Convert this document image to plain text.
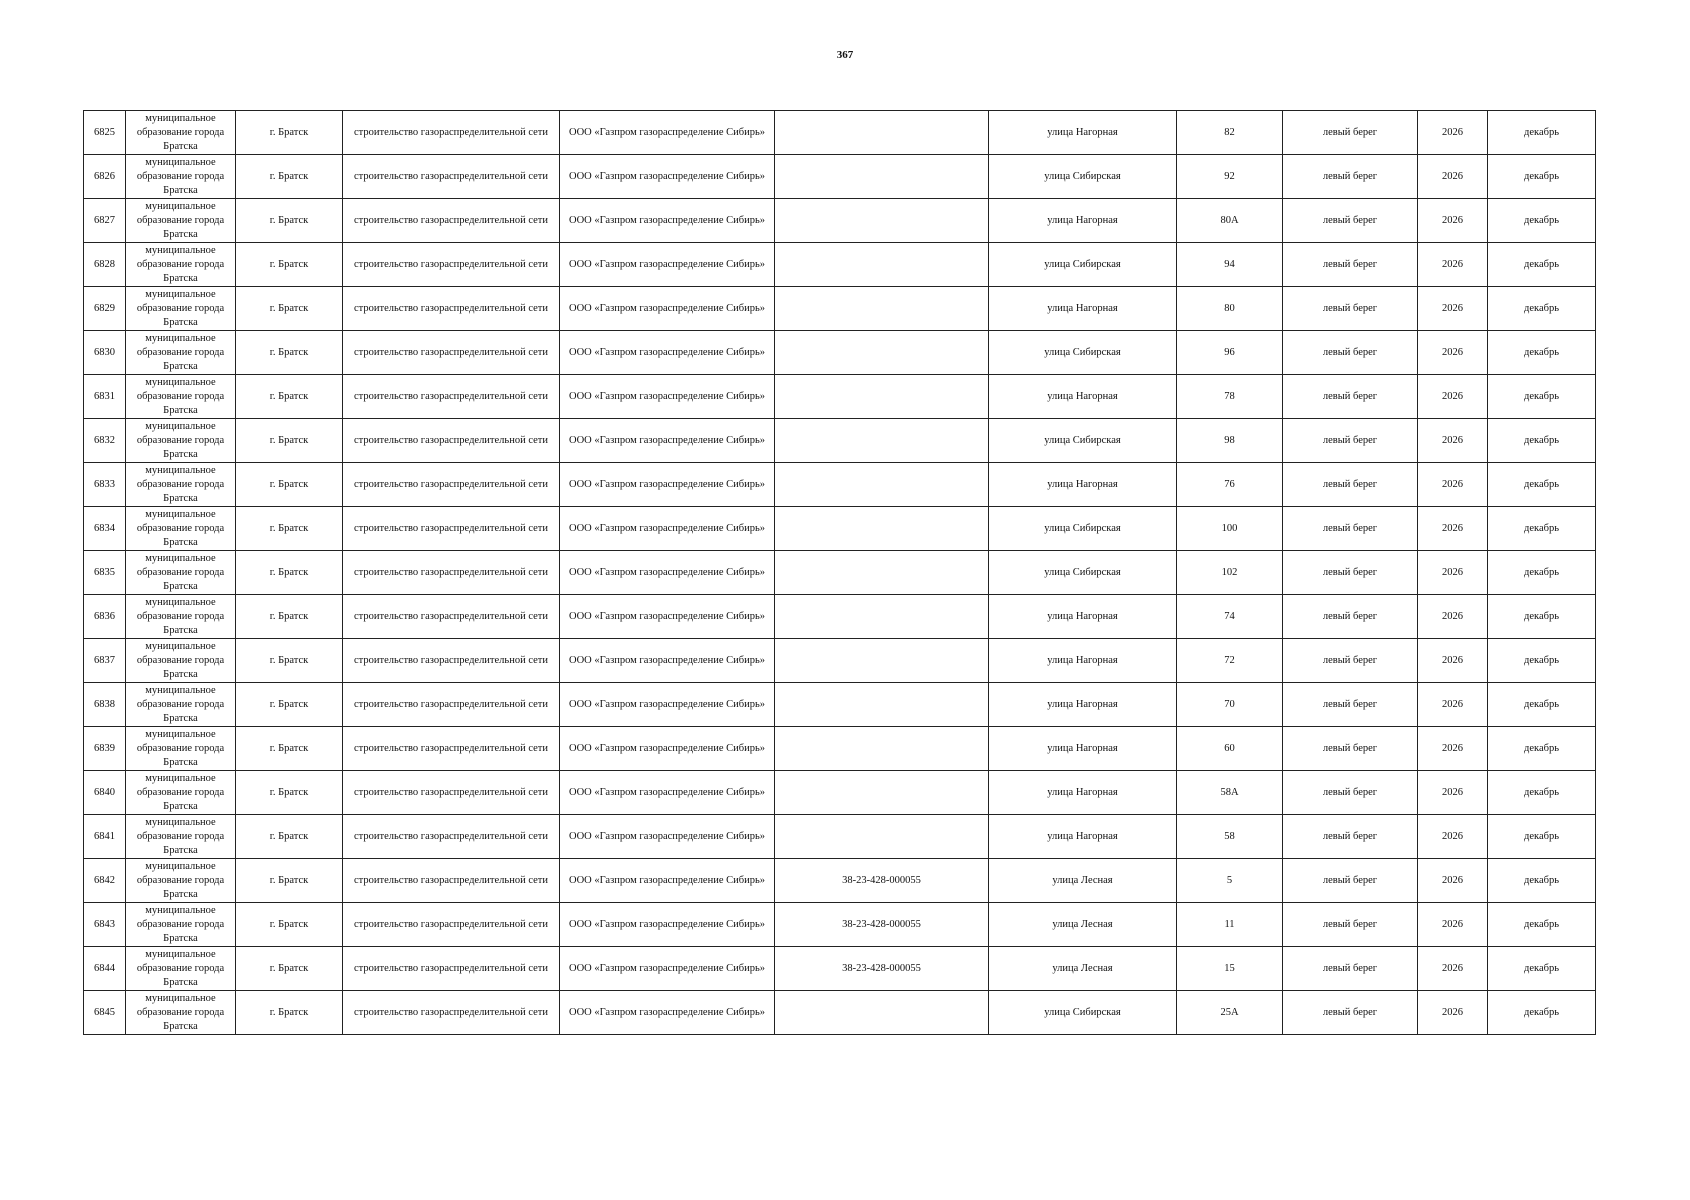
367
6825	муниципальное образование города Братска	г. Братск	строительство газораспределительной сети	ООО «Газпром газораспределение Сибирь»		улица Нагорная	82	левый берег	2026	декабрь
6826	муниципальное образование города Братска	г. Братск	строительство газораспределительной сети	ООО «Газпром газораспределение Сибирь»		улица Сибирская	92	левый берег	2026	декабрь
6827	муниципальное образование города Братска	г. Братск	строительство газораспределительной сети	ООО «Газпром газораспределение Сибирь»		улица Нагорная	80А	левый берег	2026	декабрь
6828	муниципальное образование города Братска	г. Братск	строительство газораспределительной сети	ООО «Газпром газораспределение Сибирь»		улица Сибирская	94	левый берег	2026	декабрь
6829	муниципальное образование города Братска	г. Братск	строительство газораспределительной сети	ООО «Газпром газораспределение Сибирь»		улица Нагорная	80	левый берег	2026	декабрь
6830	муниципальное образование города Братска	г. Братск	строительство газораспределительной сети	ООО «Газпром газораспределение Сибирь»		улица Сибирская	96	левый берег	2026	декабрь
6831	муниципальное образование города Братска	г. Братск	строительство газораспределительной сети	ООО «Газпром газораспределение Сибирь»		улица Нагорная	78	левый берег	2026	декабрь
6832	муниципальное образование города Братска	г. Братск	строительство газораспределительной сети	ООО «Газпром газораспределение Сибирь»		улица Сибирская	98	левый берег	2026	декабрь
6833	муниципальное образование города Братска	г. Братск	строительство газораспределительной сети	ООО «Газпром газораспределение Сибирь»		улица Нагорная	76	левый берег	2026	декабрь
6834	муниципальное образование города Братска	г. Братск	строительство газораспределительной сети	ООО «Газпром газораспределение Сибирь»		улица Сибирская	100	левый берег	2026	декабрь
6835	муниципальное образование города Братска	г. Братск	строительство газораспределительной сети	ООО «Газпром газораспределение Сибирь»		улица Сибирская	102	левый берег	2026	декабрь
6836	муниципальное образование города Братска	г. Братск	строительство газораспределительной сети	ООО «Газпром газораспределение Сибирь»		улица Нагорная	74	левый берег	2026	декабрь
6837	муниципальное образование города Братска	г. Братск	строительство газораспределительной сети	ООО «Газпром газораспределение Сибирь»		улица Нагорная	72	левый берег	2026	декабрь
6838	муниципальное образование города Братска	г. Братск	строительство газораспределительной сети	ООО «Газпром газораспределение Сибирь»		улица Нагорная	70	левый берег	2026	декабрь
6839	муниципальное образование города Братска	г. Братск	строительство газораспределительной сети	ООО «Газпром газораспределение Сибирь»		улица Нагорная	60	левый берег	2026	декабрь
6840	муниципальное образование города Братска	г. Братск	строительство газораспределительной сети	ООО «Газпром газораспределение Сибирь»		улица Нагорная	58А	левый берег	2026	декабрь
6841	муниципальное образование города Братска	г. Братск	строительство газораспределительной сети	ООО «Газпром газораспределение Сибирь»		улица Нагорная	58	левый берег	2026	декабрь
6842	муниципальное образование города Братска	г. Братск	строительство газораспределительной сети	ООО «Газпром газораспределение Сибирь»	38-23-428-000055	улица Лесная	5	левый берег	2026	декабрь
6843	муниципальное образование города Братска	г. Братск	строительство газораспределительной сети	ООО «Газпром газораспределение Сибирь»	38-23-428-000055	улица Лесная	11	левый берег	2026	декабрь
6844	муниципальное образование города Братска	г. Братск	строительство газораспределительной сети	ООО «Газпром газораспределение Сибирь»	38-23-428-000055	улица Лесная	15	левый берег	2026	декабрь
6845	муниципальное образование города Братска	г. Братск	строительство газораспределительной сети	ООО «Газпром газораспределение Сибирь»		улица Сибирская	25А	левый берег	2026	декабрь
